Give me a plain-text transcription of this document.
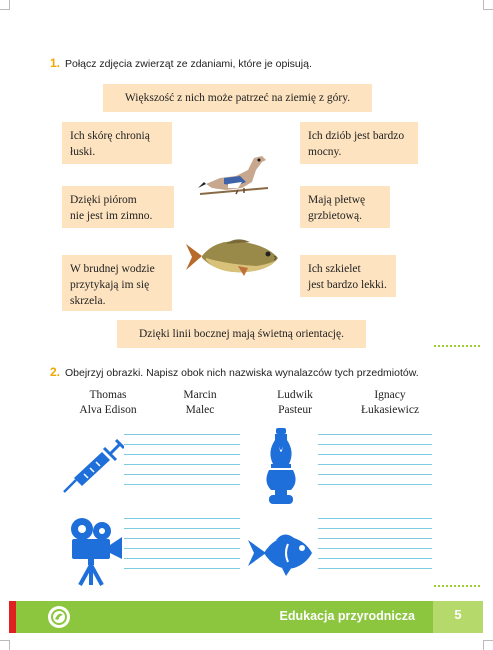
1. Połącz zdjęcia zwierząt ze zdaniami, które je opisują.
Większość z nich może patrzeć na ziemię z góry.
Ich skórę chronią
łuski.
Dzięki piórom
nie jest im zimno.
W brudnej wodzie
przytykają im się
skrzela.
Ich dziób jest bardzo
mocny.
Mają płetwę
grzbietową.
Ich szkielet
jest bardzo lekki.
Dzięki linii bocznej mają świetną orientację.
2. Obejrzyj obrazki. Napisz obok nich nazwiska wynalazców tych przedmiotów.
Thomas
Alva Edison
Marcin
Malec
Ludwik
Pasteur
Ignacy
Łukasiewicz
Edukacja przyrodnicza	5
